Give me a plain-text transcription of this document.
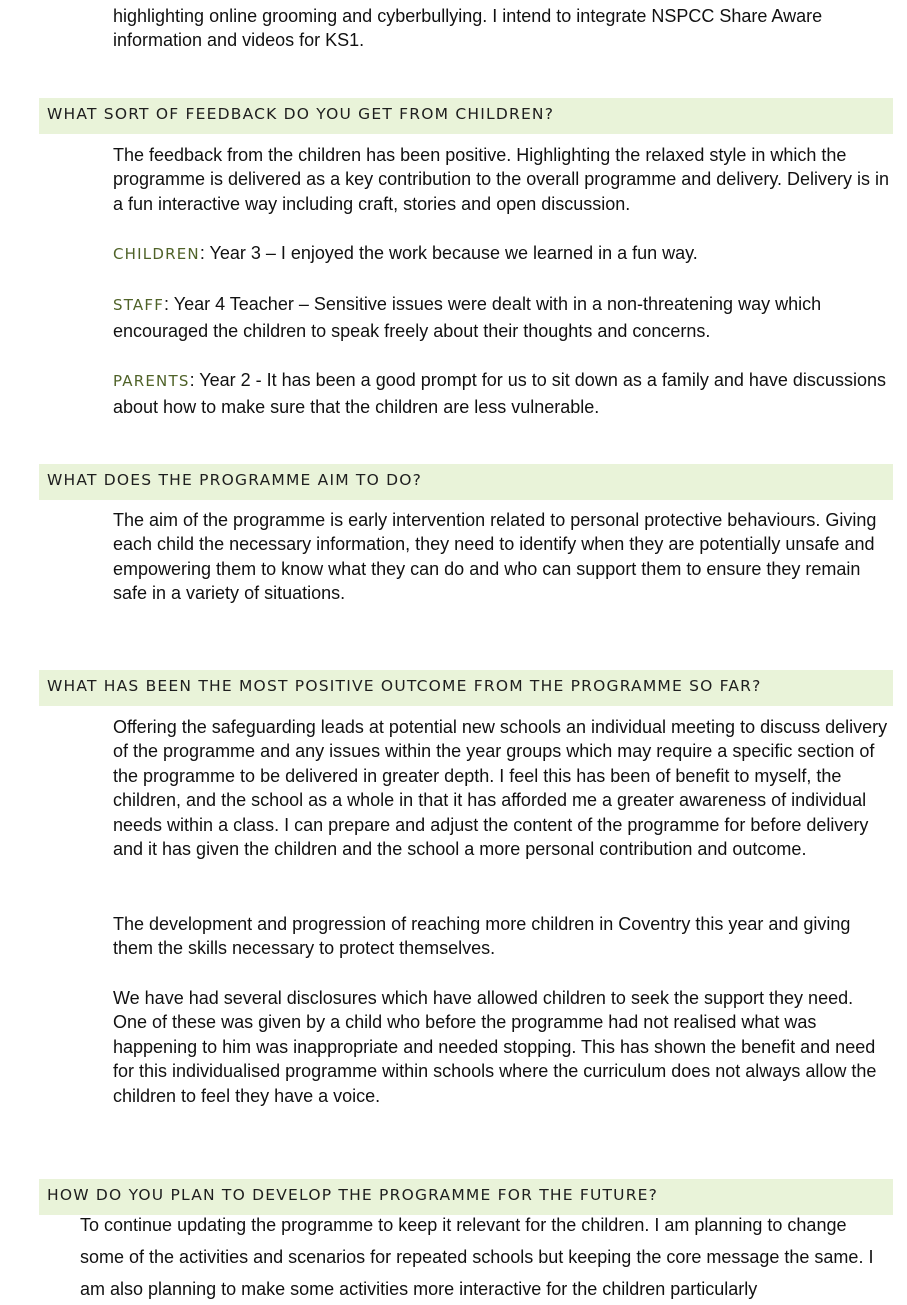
highlighting online grooming and cyberbullying. I intend to integrate NSPCC Share Aware information and videos for KS1.

WHAT SORT OF FEEDBACK DO YOU GET FROM CHILDREN?

The feedback from the children has been positive. Highlighting the relaxed style in which the programme is delivered as a key contribution to the overall programme and delivery. Delivery is in a fun interactive way including craft, stories and open discussion.

CHILDREN: Year 3 – I enjoyed the work because we learned in a fun way.

STAFF: Year 4 Teacher – Sensitive issues were dealt with in a non-threatening way which encouraged the children to speak freely about their thoughts and concerns.

PARENTS: Year 2 - It has been a good prompt for us to sit down as a family and have discussions about how to make sure that the children are less vulnerable.

WHAT DOES THE PROGRAMME AIM TO DO?

The aim of the programme is early intervention related to personal protective behaviours. Giving each child the necessary information, they need to identify when they are potentially unsafe and empowering them to know what they can do and who can support them to ensure they remain safe in a variety of situations.

WHAT HAS BEEN THE MOST POSITIVE OUTCOME FROM THE PROGRAMME SO FAR?

Offering the safeguarding leads at potential new schools an individual meeting to discuss delivery of the programme and any issues within the year groups which may require a specific section of the programme to be delivered in greater depth. I feel this has been of benefit to myself, the children, and the school as a whole in that it has afforded me a greater awareness of individual needs within a class. I can prepare and adjust the content of the programme for before delivery and it has given the children and the school a more personal contribution and outcome.

The development and progression of reaching more children in Coventry this year and giving them the skills necessary to protect themselves.

We have had several disclosures which have allowed children to seek the support they need. One of these was given by a child who before the programme had not realised what was happening to him was inappropriate and needed stopping. This has shown the benefit and need for this individualised programme within schools where the curriculum does not always allow the children to feel they have a voice.

HOW DO YOU PLAN TO DEVELOP THE PROGRAMME FOR THE FUTURE?

To continue updating the programme to keep it relevant for the children. I am planning to change some of the activities and scenarios for repeated schools but keeping the core message the same. I am also planning to make some activities more interactive for the children particularly
